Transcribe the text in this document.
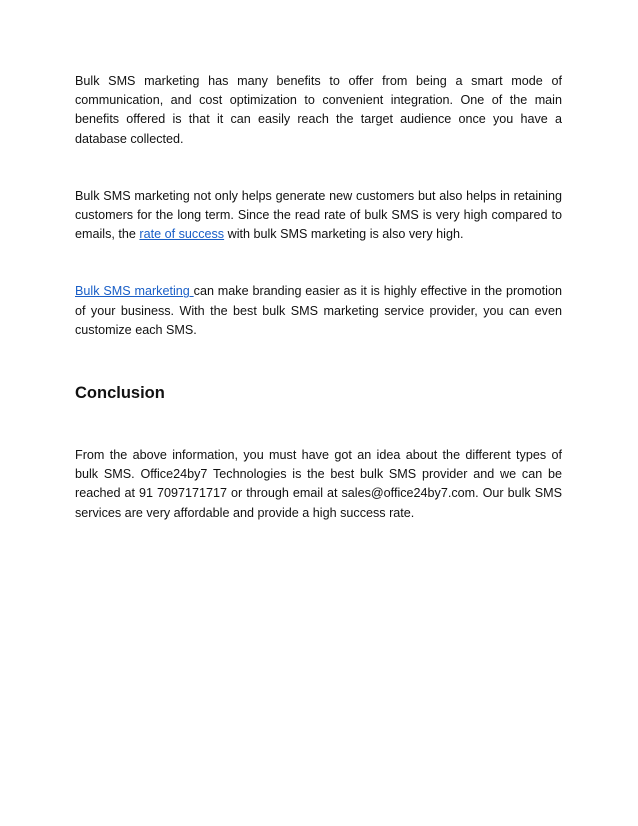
Bulk SMS marketing has many benefits to offer from being a smart mode of communication, and cost optimization to convenient integration. One of the main benefits offered is that it can easily reach the target audience once you have a database collected.

Bulk SMS marketing not only helps generate new customers but also helps in retaining customers for the long term. Since the read rate of bulk SMS is very high compared to emails, the rate of success with bulk SMS marketing is also very high.

Bulk SMS marketing can make branding easier as it is highly effective in the promotion of your business. With the best bulk SMS marketing service provider, you can even customize each SMS.

Conclusion

From the above information, you must have got an idea about the different types of bulk SMS. Office24by7 Technologies is the best bulk SMS provider and we can be reached at 91 7097171717 or through email at sales@office24by7.com. Our bulk SMS services are very affordable and provide a high success rate.
